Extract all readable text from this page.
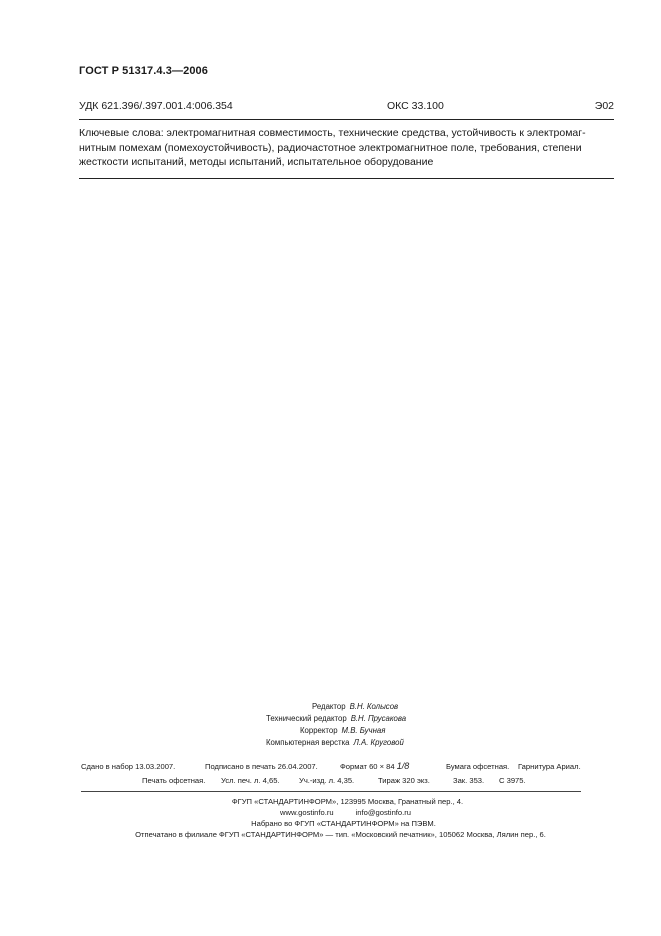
ГОСТ Р 51317.4.3—2006
УДК 621.396/.397.001.4:006.354	ОКС 33.100	Э02
Ключевые слова: электромагнитная совместимость, технические средства, устойчивость к электромаг-
нитным помехам (помехоустойчивость), радиочастотное электромагнитное поле, требования, степени
жесткости испытаний, методы испытаний, испытательное оборудование
Редактор В.Н. Колысов
Технический редактор В.Н. Прусакова
Корректор М.В. Бучная
Компьютерная верстка Л.А. Круговой
Сдано в набор 13.03.2007.	Подписано в печать 26.04.2007.	Формат 60 × 84 1/8	Бумага офсетная. Гарнитура Ариал.
Печать офсетная. Усл. печ. л. 4,65.	Уч.-изд. л. 4,35.	Тираж 320 экз.	Зак. 353. С 3975.
ФГУП «СТАНДАРТИНФОРМ», 123995 Москва, Гранатный пер., 4.
www.gostinfo.ru	info@gostinfo.ru
Набрано во ФГУП «СТАНДАРТИНФОРМ» на ПЭВМ.
Отпечатано в филиале ФГУП «СТАНДАРТИНФОРМ» — тип. «Московский печатник», 105062 Москва, Лялин пер., 6.
